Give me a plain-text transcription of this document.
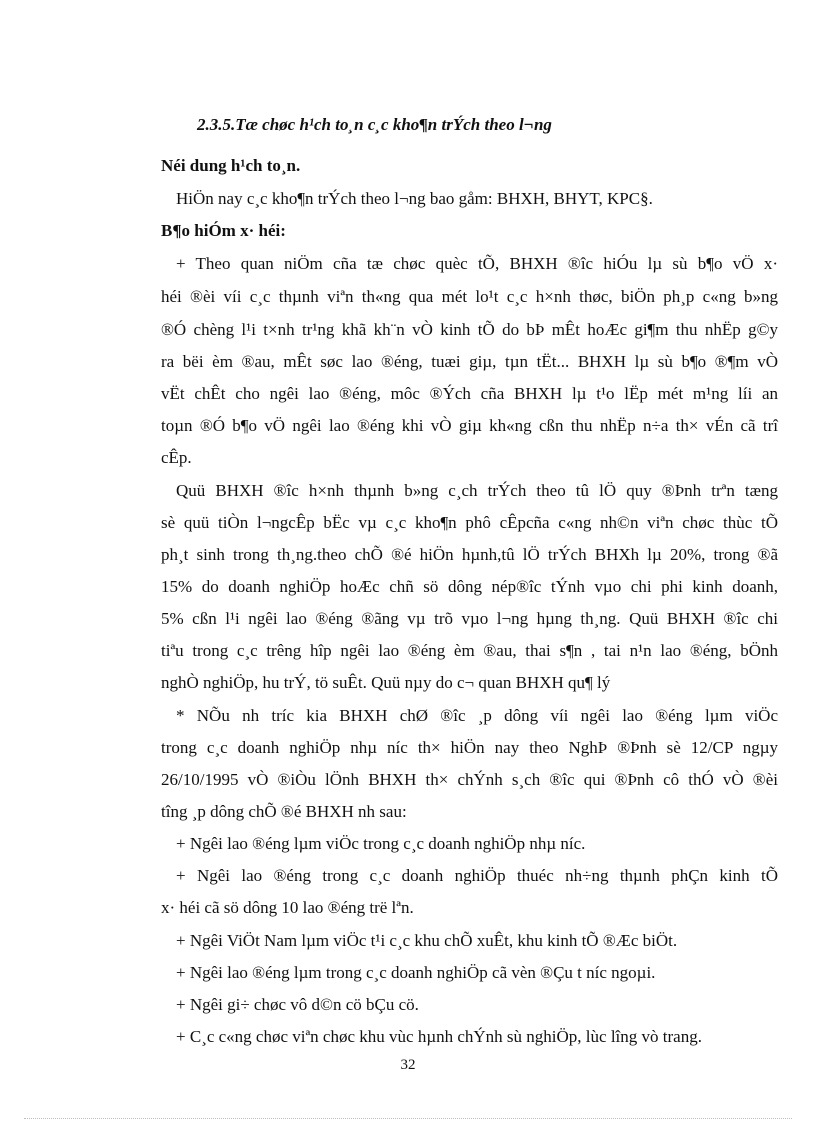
2.3.5.Tæ chøc h¹ch to¸n c¸c kho¶n trÝch theo l¬ng
Néi dung h¹ch to¸n.
HiÖn nay c¸c kho¶n trÝch theo l¬ng bao gåm: BHXH, BHYT, KPC§.
B¶o hiÓm x· héi:
+ Theo quan niÖm cña tæ chøc quèc tÕ, BHXH ®îc hiÓu lµ sù b¶o vÖ x·
héi ®èi víi c¸c thµnh viªn th«ng qua mét lo¹t c¸c h×nh thøc, biÖn ph¸p c«ng b»ng
®Ó chèng l¹i t×nh tr¹ng khã kh¨n vÒ kinh tÕ do bÞ mÊt hoÆc gi¶m thu nhËp g©y
ra bëi èm ®au, mÊt søc lao ®éng, tuæi giµ, tµn tËt... BHXH lµ sù b¶o ®¶m vÒ
vËt chÊt cho ngêi lao ®éng, môc ®Ých cña BHXH lµ t¹o lËp mét m¹ng líi an
toµn ®Ó b¶o vÖ ngêi lao ®éng khi vÒ giµ kh«ng cßn thu nhËp n÷a th× vÉn cã trî
cÊp.
Quü BHXH ®îc h×nh thµnh b»ng c¸ch trÝch theo tû lÖ quy ®Þnh trªn tæng
sè quü tiÒn l¬ngcÊp bËc vµ c¸c kho¶n phô cÊpcña c«ng nh©n viªn chøc thùc tÕ
ph¸t sinh trong th¸ng.theo chÕ ®é hiÖn hµnh,tû lÖ trÝch BHXh lµ 20%, trong ®ã
15% do doanh nghiÖp hoÆc chñ sö dông nép®îc tÝnh vµo chi phi kinh doanh,
5% cßn l¹i ngêi lao ®éng ®ãng vµ trõ vµo l¬ng hµng th¸ng. Quü BHXH ®îc chi
tiªu trong c¸c trêng hîp ngêi lao ®éng èm ®au, thai s¶n , tai n¹n lao ®éng, bÖnh
nghÒ nghiÖp, hu trÝ, tö suÊt. Quü nµy do c¬ quan BHXH qu¶ lý
* NÕu nh tríc kia BHXH chØ ®îc ¸p dông víi ngêi lao ®éng lµm viÖc
trong c¸c doanh nghiÖp nhµ níc th× hiÖn nay theo NghÞ ®Þnh sè 12/CP ngµy
26/10/1995 vÒ ®iÒu lÖnh BHXH th× chÝnh s¸ch ®îc qui ®Þnh cô thÓ vÒ ®èi
tîng ¸p dông chÕ ®é BHXH nh sau:
+ Ngêi lao ®éng lµm viÖc trong c¸c doanh nghiÖp nhµ níc.
+ Ngêi lao ®éng trong c¸c doanh nghiÖp thuéc nh÷ng thµnh phÇn kinh tÕ
x· héi cã sö dông 10 lao ®éng trë lªn.
+ Ngêi ViÖt Nam lµm viÖc t¹i c¸c khu chÕ xuÊt, khu kinh tÕ ®Æc biÖt.
+ Ngêi lao ®éng lµm trong c¸c doanh nghiÖp cã vèn ®Çu t níc ngoµi.
+ Ngêi gi÷ chøc vô d©n cö bÇu cö.
+ C¸c c«ng chøc viªn chøc khu vùc hµnh chÝnh sù nghiÖp, lùc lîng vò trang.
32
